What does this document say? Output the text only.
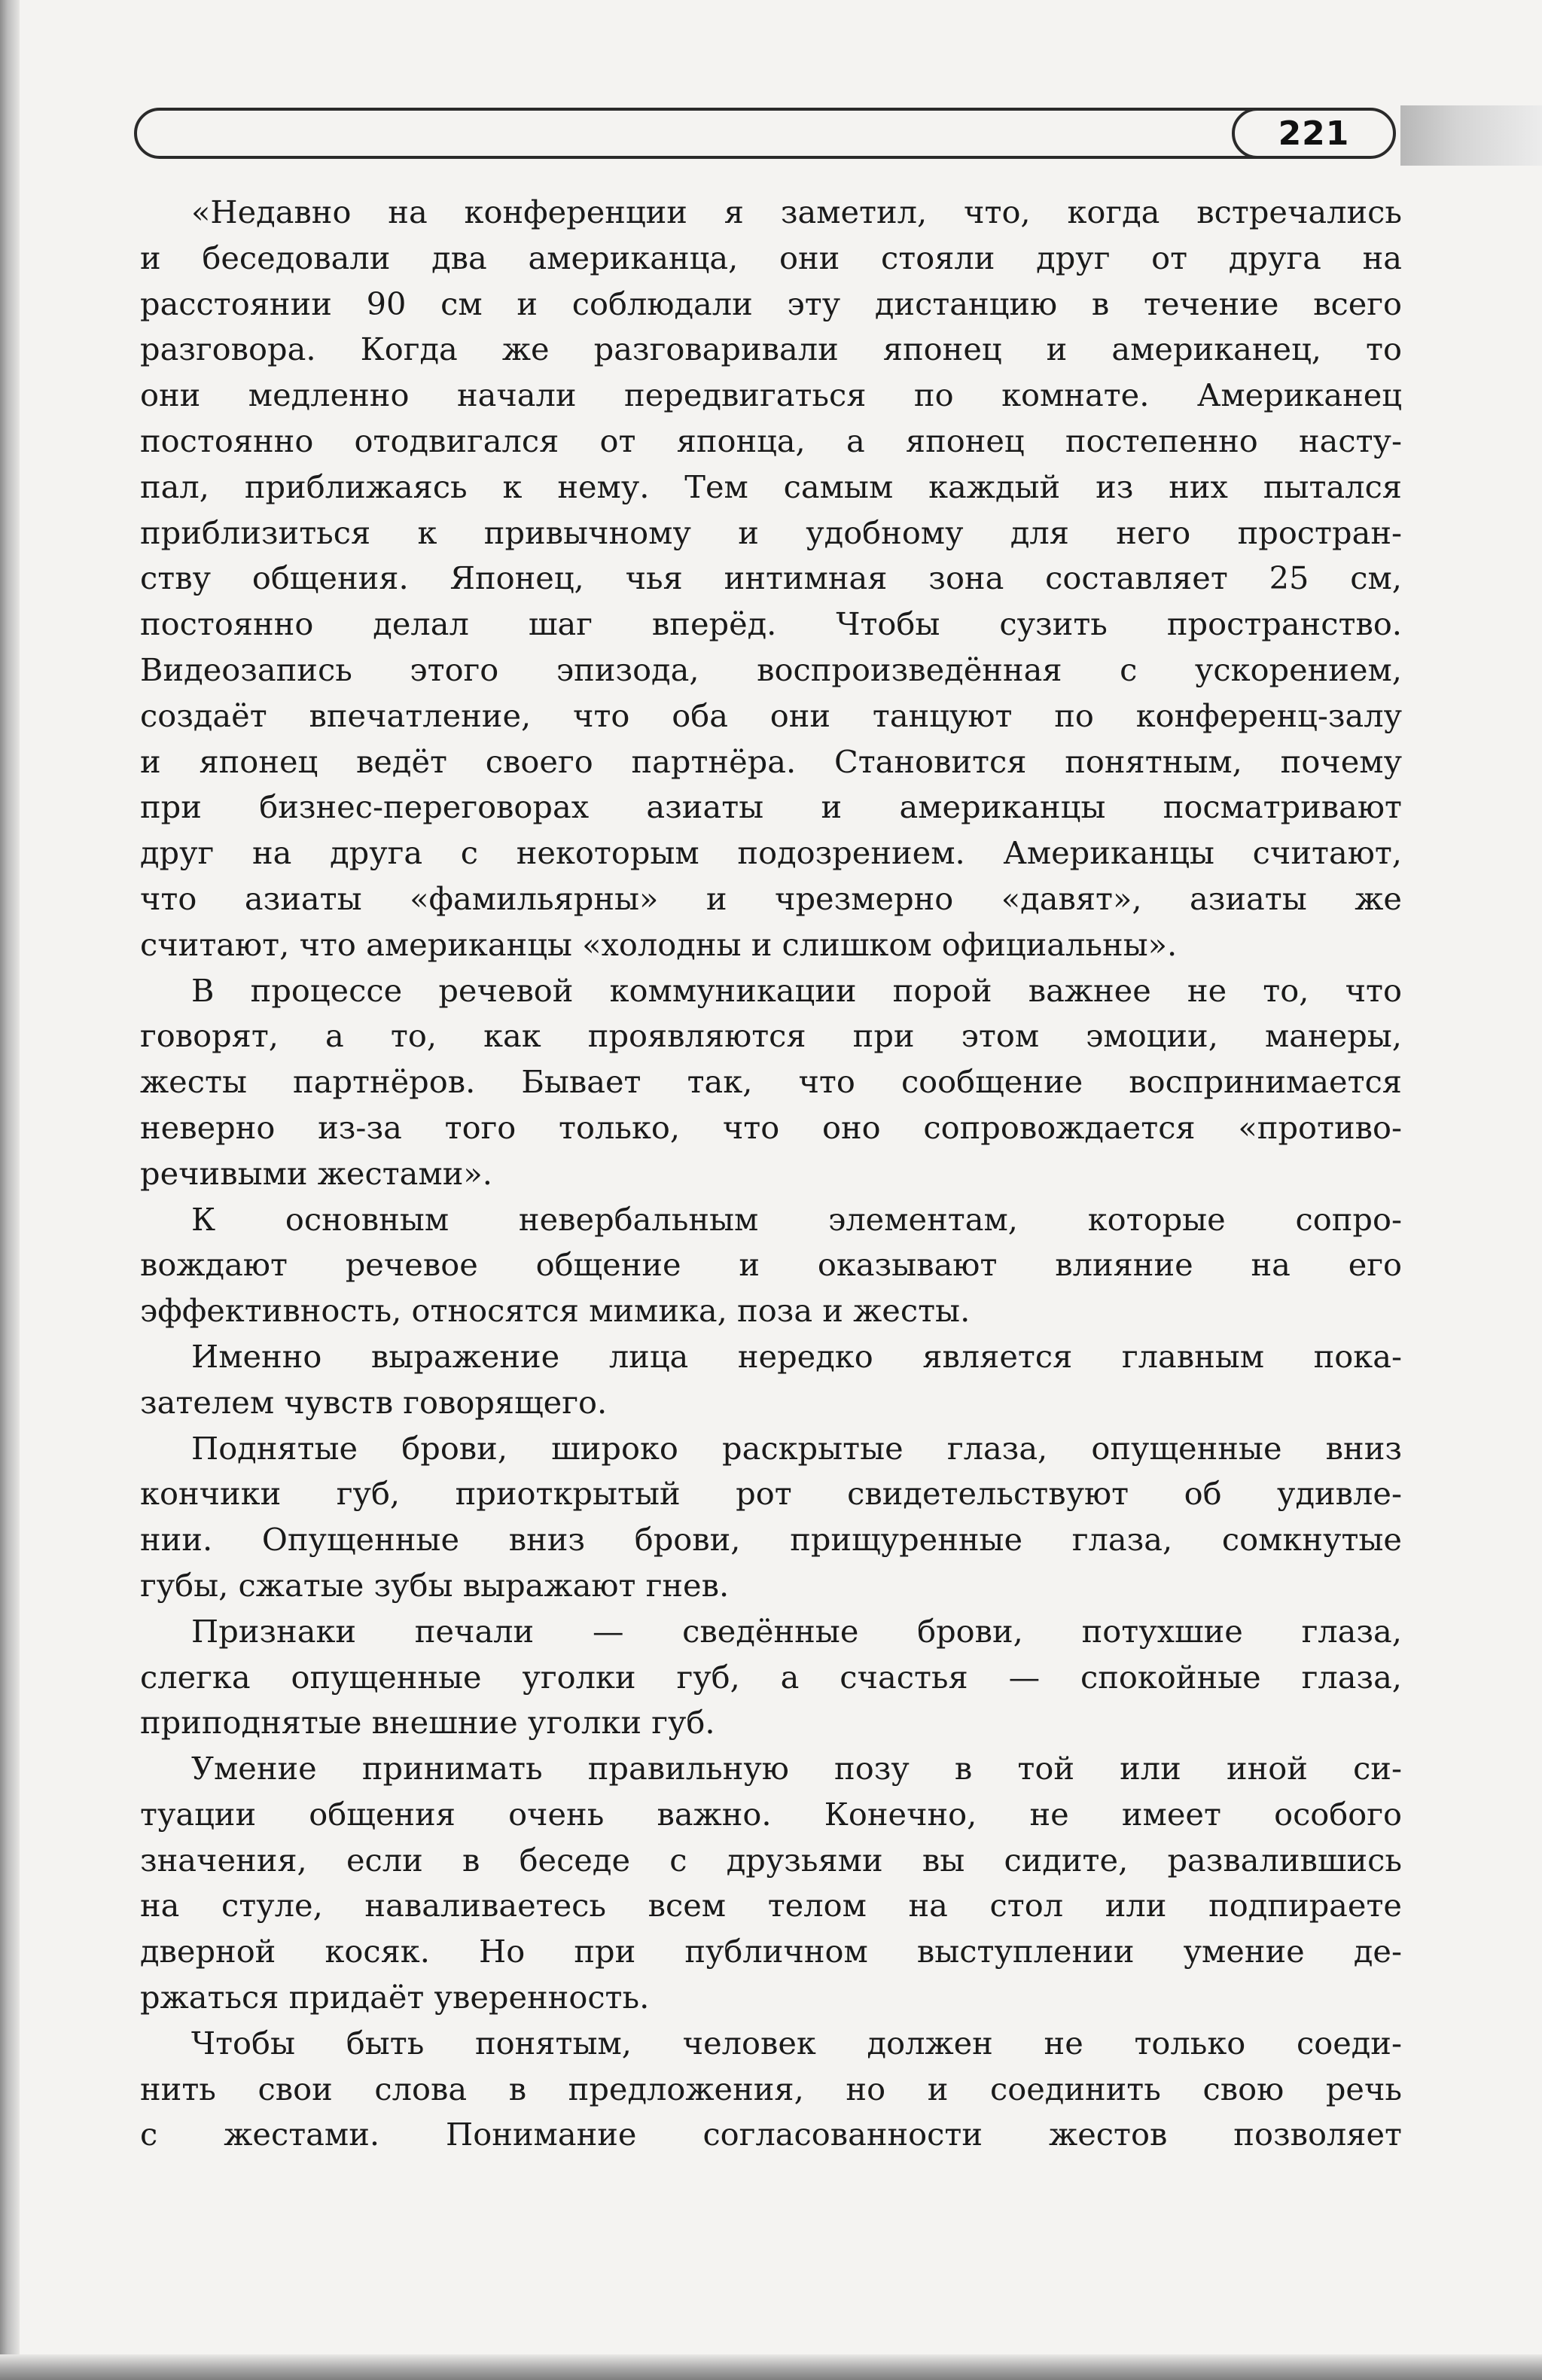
221
«Недавно на конференции я заметил, что, когда встречались
и беседовали два американца, они стояли друг от друга на
расстоянии 90 см и соблюдали эту дистанцию в течение всего
разговора. Когда же разговаривали японец и американец, то
они медленно начали передвигаться по комнате. Американец
постоянно отодвигался от японца, а японец постепенно насту-
пал, приближаясь к нему. Тем самым каждый из них пытался
приблизиться к привычному и удобному для него простран-
ству общения. Японец, чья интимная зона составляет 25 см,
постоянно делал шаг вперёд. Чтобы сузить пространство.
Видеозапись этого эпизода, воспроизведённая с ускорением,
создаёт впечатление, что оба они танцуют по конференц-залу
и японец ведёт своего партнёра. Становится понятным, почему
при бизнес-переговорах азиаты и американцы посматривают
друг на друга с некоторым подозрением. Американцы считают,
что азиаты «фамильярны» и чрезмерно «давят», азиаты же
считают, что американцы «холодны и слишком официальны».
В процессе речевой коммуникации порой важнее не то, что
говорят, а то, как проявляются при этом эмоции, манеры,
жесты партнёров. Бывает так, что сообщение воспринимается
неверно из-за того только, что оно сопровождается «противо-
речивыми жестами».
К основным невербальным элементам, которые сопро-
вождают речевое общение и оказывают влияние на его
эффективность, относятся мимика, поза и жесты.
Именно выражение лица нередко является главным пока-
зателем чувств говорящего.
Поднятые брови, широко раскрытые глаза, опущенные вниз
кончики губ, приоткрытый рот свидетельствуют об удивле-
нии. Опущенные вниз брови, прищуренные глаза, сомкнутые
губы, сжатые зубы выражают гнев.
Признаки печали — сведённые брови, потухшие глаза,
слегка опущенные уголки губ, а счастья — спокойные глаза,
приподнятые внешние уголки губ.
Умение принимать правильную позу в той или иной си-
туации общения очень важно. Конечно, не имеет особого
значения, если в беседе с друзьями вы сидите, развалившись
на стуле, наваливаетесь всем телом на стол или подпираете
дверной косяк. Но при публичном выступлении умение де-
ржаться придаёт уверенность.
Чтобы быть понятым, человек должен не только соеди-
нить свои слова в предложения, но и соединить свою речь
с жестами. Понимание согласованности жестов позволяет
